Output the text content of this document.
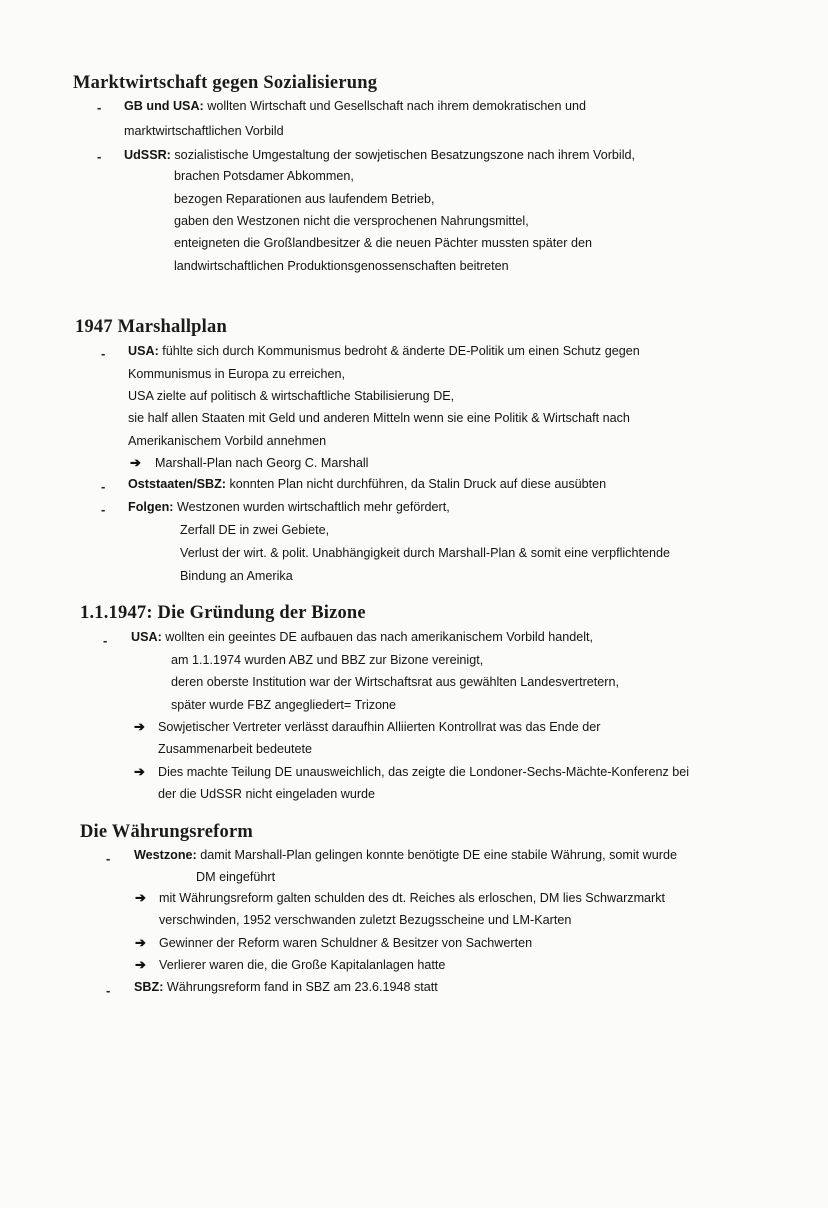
Marktwirtschaft gegen Sozialisierung
- GB und USA: wollten Wirtschaft und Gesellschaft nach ihrem demokratischen und
marktwirtschaftlichen Vorbild
- UdSSR: sozialistische Umgestaltung der sowjetischen Besatzungszone nach ihrem Vorbild,
brachen Potsdamer Abkommen,
bezogen Reparationen aus laufendem Betrieb,
gaben den Westzonen nicht die versprochenen Nahrungsmittel,
enteigneten die Großlandbesitzer & die neuen Pächter mussten später den
landwirtschaftlichen Produktionsgenossenschaften beitreten
1947 Marshallplan
- USA: fühlte sich durch Kommunismus bedroht & änderte DE-Politik um einen Schutz gegen
Kommunismus in Europa zu erreichen,
USA zielte auf politisch & wirtschaftliche Stabilisierung DE,
sie half allen Staaten mit Geld und anderen Mitteln wenn sie eine Politik & Wirtschaft nach
Amerikanischem Vorbild annehmen
➔ Marshall-Plan nach Georg C. Marshall
- Oststaaten/SBZ: konnten Plan nicht durchführen, da Stalin Druck auf diese ausübten
- Folgen: Westzonen wurden wirtschaftlich mehr gefördert,
Zerfall DE in zwei Gebiete,
Verlust der wirt. & polit. Unabhängigkeit durch Marshall-Plan & somit eine verpflichtende
Bindung an Amerika
1.1.1947: Die Gründung der Bizone
- USA: wollten ein geeintes DE aufbauen das nach amerikanischem Vorbild handelt,
am 1.1.1974 wurden ABZ und BBZ zur Bizone vereinigt,
deren oberste Institution war der Wirtschaftsrat aus gewählten Landesvertretern,
später wurde FBZ angegliedert= Trizone
➔ Sowjetischer Vertreter verlässt daraufhin Alliierten Kontrollrat was das Ende der
Zusammenarbeit bedeutete
➔ Dies machte Teilung DE unausweichlich, das zeigte die Londoner-Sechs-Mächte-Konferenz bei
der die UdSSR nicht eingeladen wurde
Die Währungsreform
- Westzone: damit Marshall-Plan gelingen konnte benötigte DE eine stabile Währung, somit wurde
DM eingeführt
➔ mit Währungsreform galten schulden des dt. Reiches als erloschen, DM lies Schwarzmarkt
verschwinden, 1952 verschwanden zuletzt Bezugsscheine und LM-Karten
➔ Gewinner der Reform waren Schuldner & Besitzer von Sachwerten
➔ Verlierer waren die, die Große Kapitalanlagen hatte
- SBZ: Währungsreform fand in SBZ am 23.6.1948 statt
